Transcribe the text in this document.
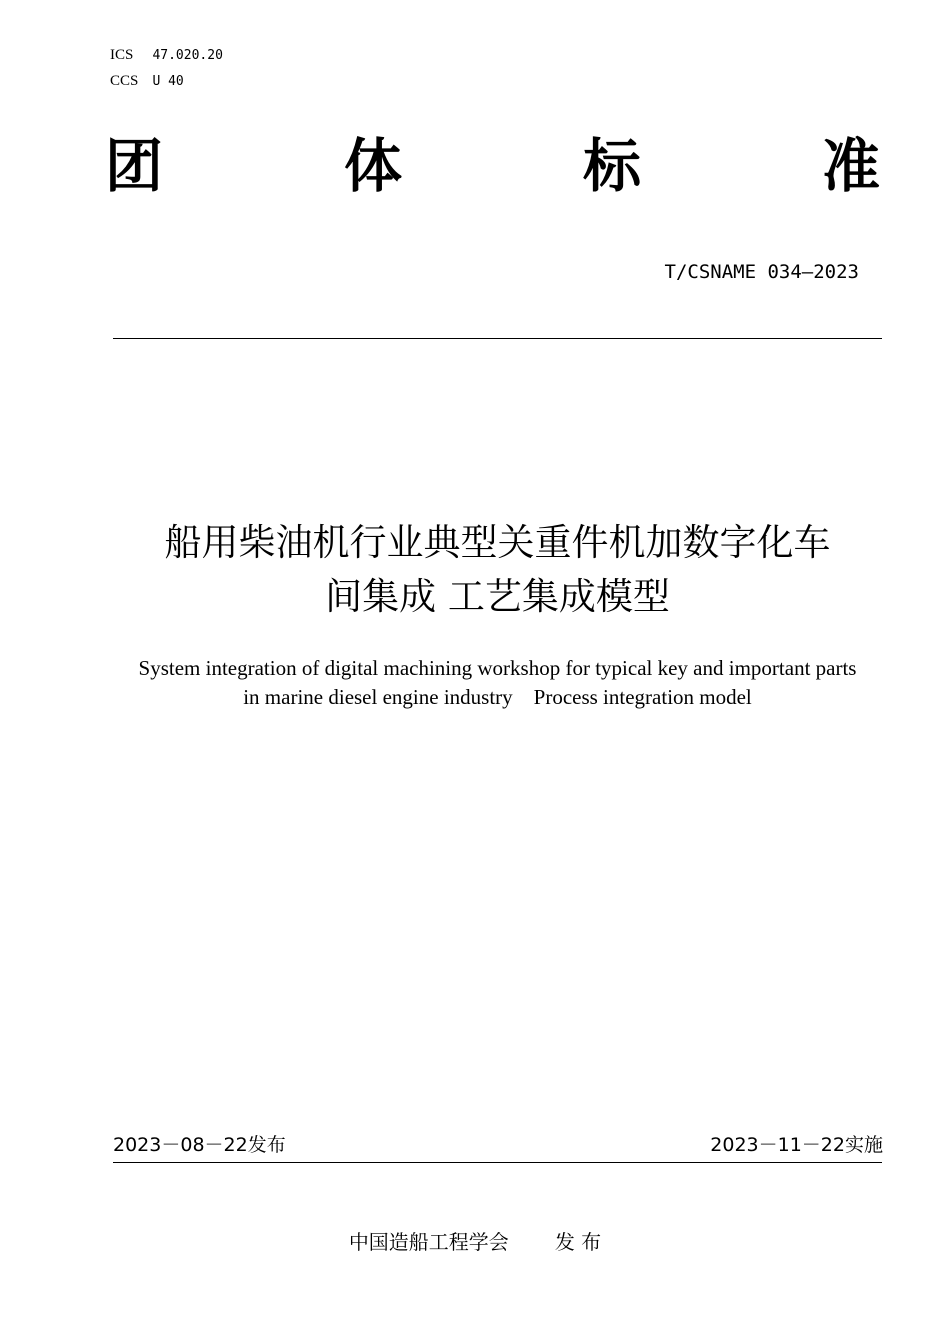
ICS 47.020.20
CCS U 40
团	体	标	准
T/CSNAME 034—2023
船用柴油机行业典型关重件机加数字化车
间集成 工艺集成模型
System integration of digital machining workshop for typical key and important parts
in marine diesel engine industry    Process integration model
2023－08－22发布	2023－11－22实施
中国造船工程学会 发 布
